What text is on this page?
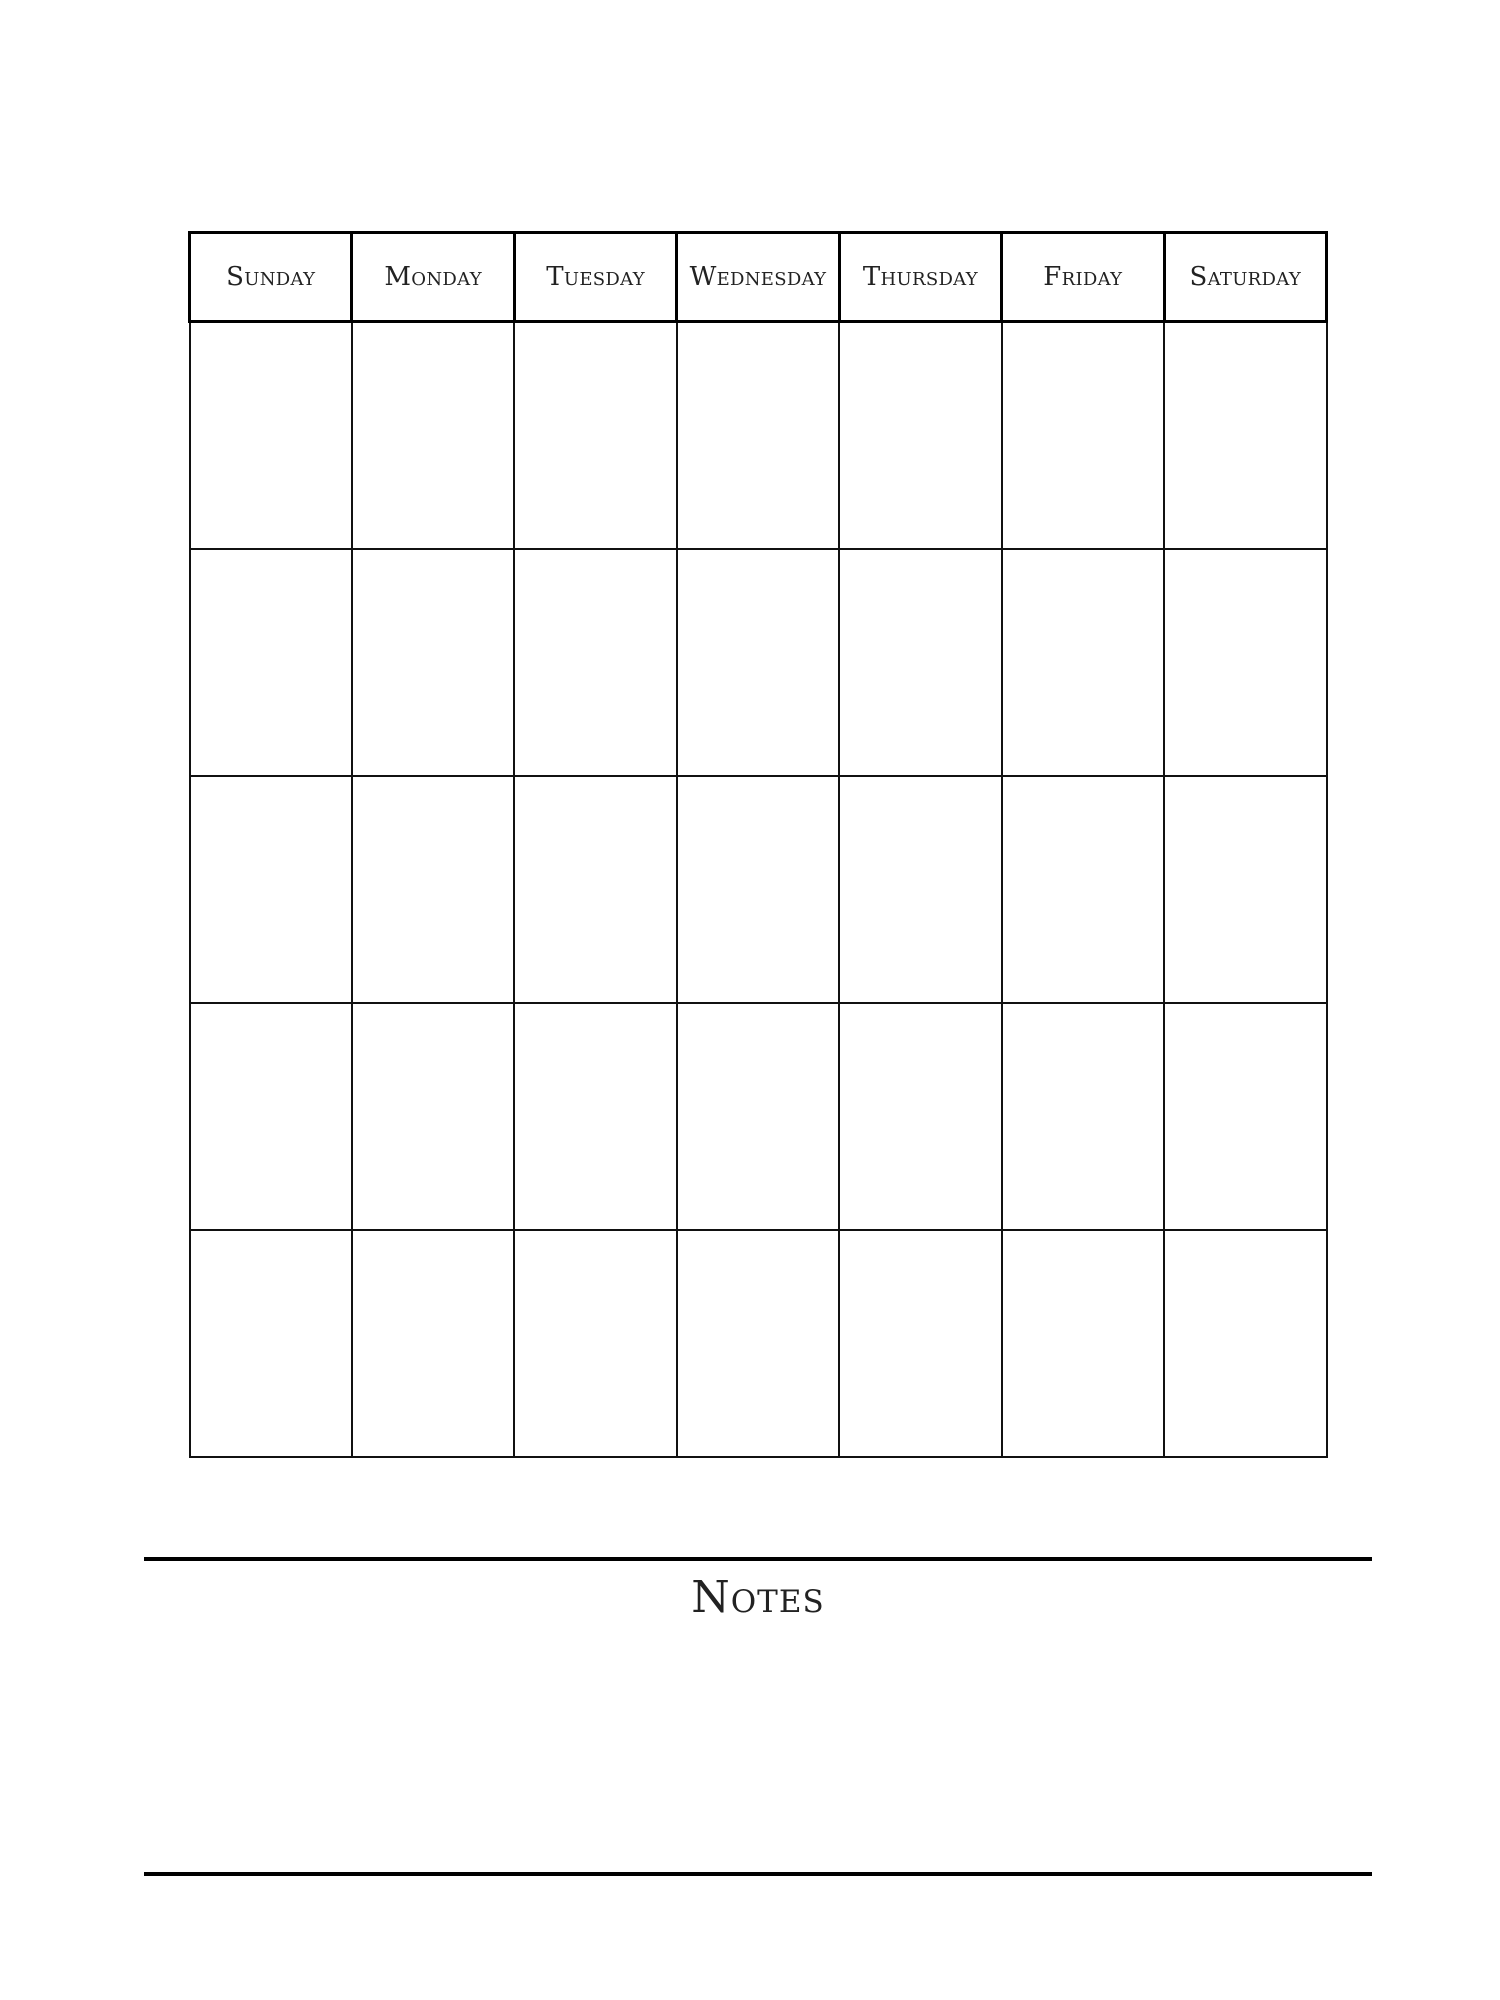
Sunday	Monday	Tuesday	Wednesday	Thursday	Friday	Saturday

Notes
